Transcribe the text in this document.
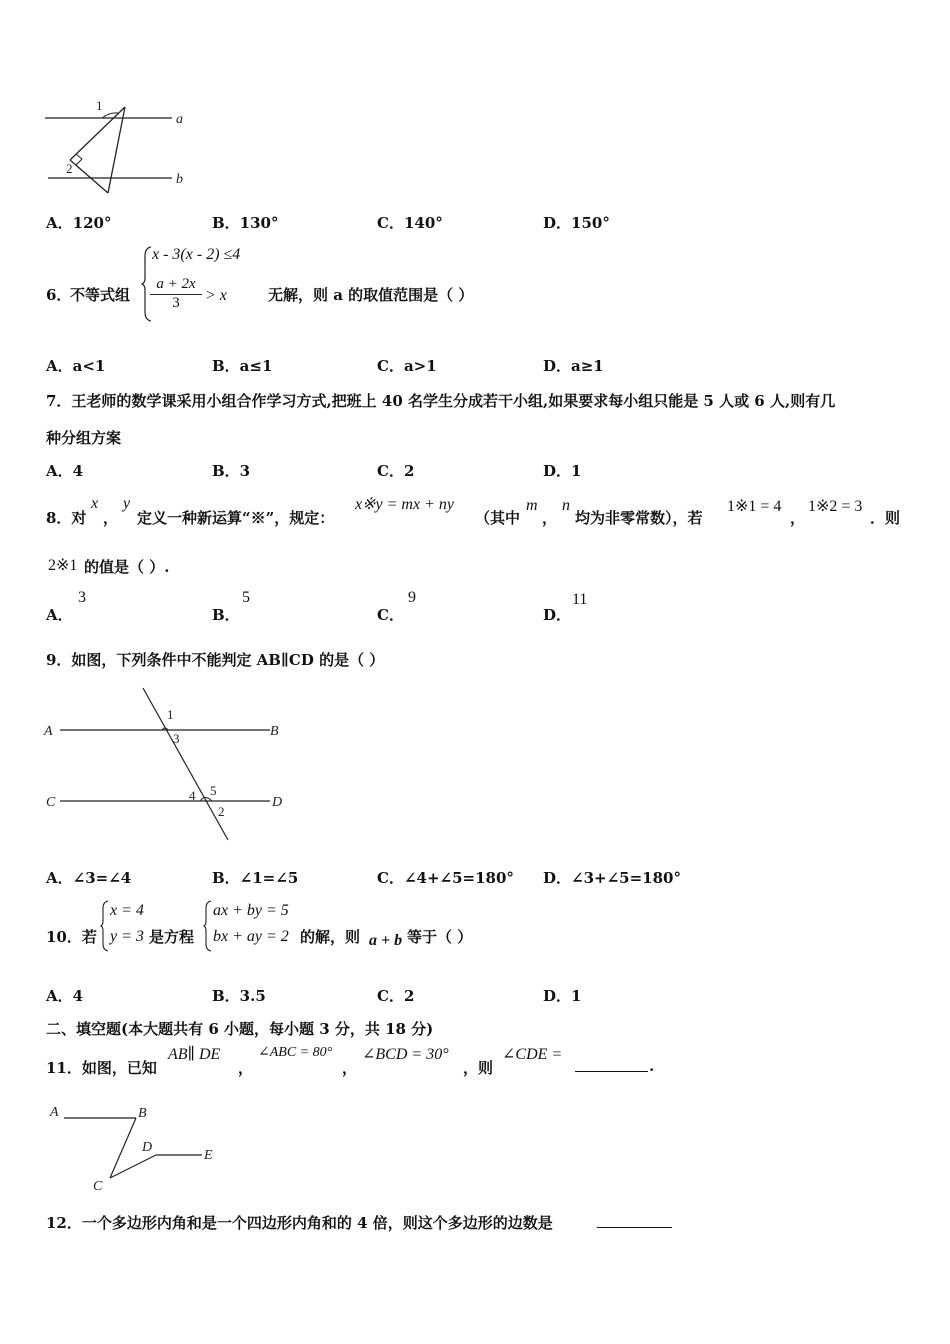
1
2
a
b
A．120°	B．130°	C．140°	D．150°
6．
不等式组
x - 3(x - 2) ≤4
$\frac{a + 2x}{3} > x$	无解，则 a 的取值范围是（ ）
A．a<1	B．a≤1	C．a>1	D．a≥1
7．王老师的数学课采用小组合作学习方式,把班上 40 名学生分成若干小组,如果要求每小组只能是 5 人或 6 人,则有几
种分组方案
A．4	B．3	C．2	D．1
8．对
x
，
y
定义一种新运算“※”，规定：
x※y = mx + ny
（其中
m
，
n
均为非零常数），若
1※1 = 4
，
1※2 = 3
．则
2※1 的值是（ ）.
A．
3
B．
5
C．
9
D．
11
9．如图，下列条件中不能判定 AB∥CD 的是（ ）
A	B
C	D
1
3
4 5
2
A．∠3=∠4	B．∠1=∠5	C．∠4+∠5=180° D．∠3+∠5=180°
10．若
x = 4
y = 3 是方程
ax + by = 5
bx + ay = 2 的解，则 a + b 等于（ ）
A．4	B．3.5	C．2	D．1
二、填空题(本大题共有 6 小题，每小题 3 分，共 18 分)
11．如图，已知
AB∥ DE
，
∠ABC = 80°
，
∠BCD = 30°
，则
∠CDE =
.
A	B
C
D
E
12．一个多边形内角和是一个四边形内角和的 4 倍，则这个多边形的边数是
